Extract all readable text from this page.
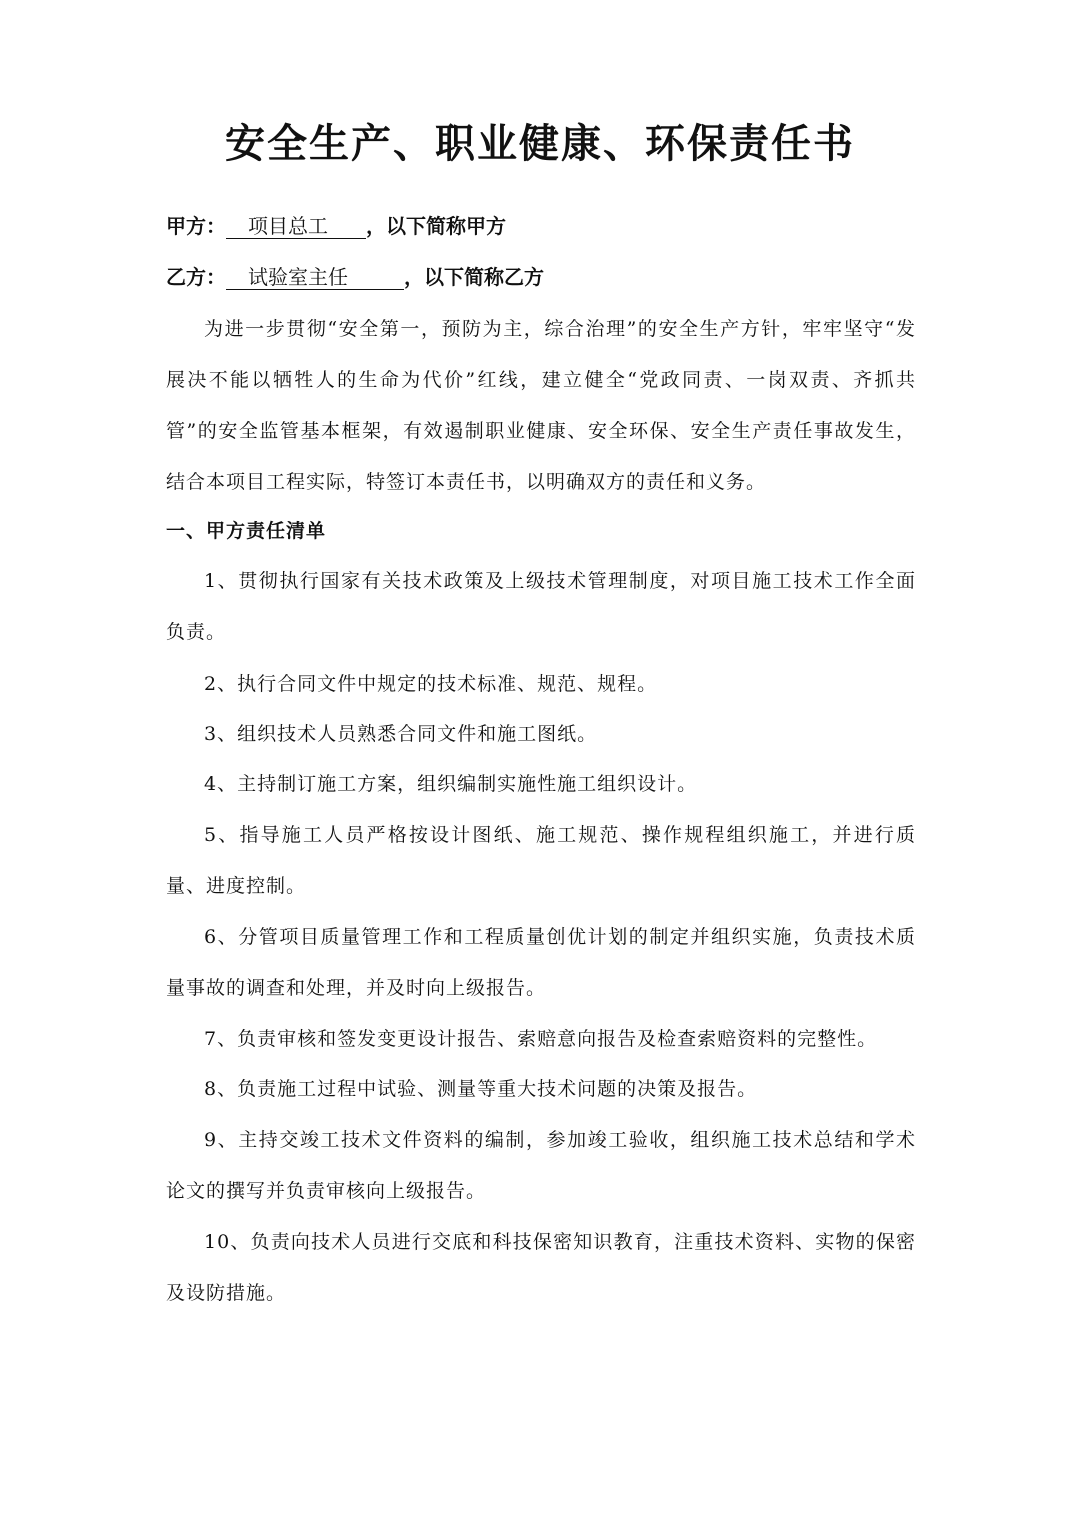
安全生产、职业健康、环保责任书
甲方： 项目总工 ，以下简称甲方
乙方： 试验室主任	，以下简称乙方
为进一步贯彻“安全第一，预防为主，综合治理”的安全生产方针，牢牢坚守“发展决不能以牺牲人的生命为代价”红线，建立健全“党政同责、一岗双责、齐抓共管”的安全监管基本框架，有效遏制职业健康、安全环保、安全生产责任事故发生，结合本项目工程实际，特签订本责任书，以明确双方的责任和义务。
一、甲方责任清单
1、贯彻执行国家有关技术政策及上级技术管理制度，对项目施工技术工作全面负责。
2、执行合同文件中规定的技术标准、规范、规程。
3、组织技术人员熟悉合同文件和施工图纸。
4、主持制订施工方案，组织编制实施性施工组织设计。
5、指导施工人员严格按设计图纸、施工规范、操作规程组织施工，并进行质量、进度控制。
6、分管项目质量管理工作和工程质量创优计划的制定并组织实施，负责技术质量事故的调查和处理，并及时向上级报告。
7、负责审核和签发变更设计报告、索赔意向报告及检查索赔资料的完整性。
8、负责施工过程中试验、测量等重大技术问题的决策及报告。
9、主持交竣工技术文件资料的编制，参加竣工验收，组织施工技术总结和学术论文的撰写并负责审核向上级报告。
10、负责向技术人员进行交底和科技保密知识教育，注重技术资料、实物的保密及设防措施。
